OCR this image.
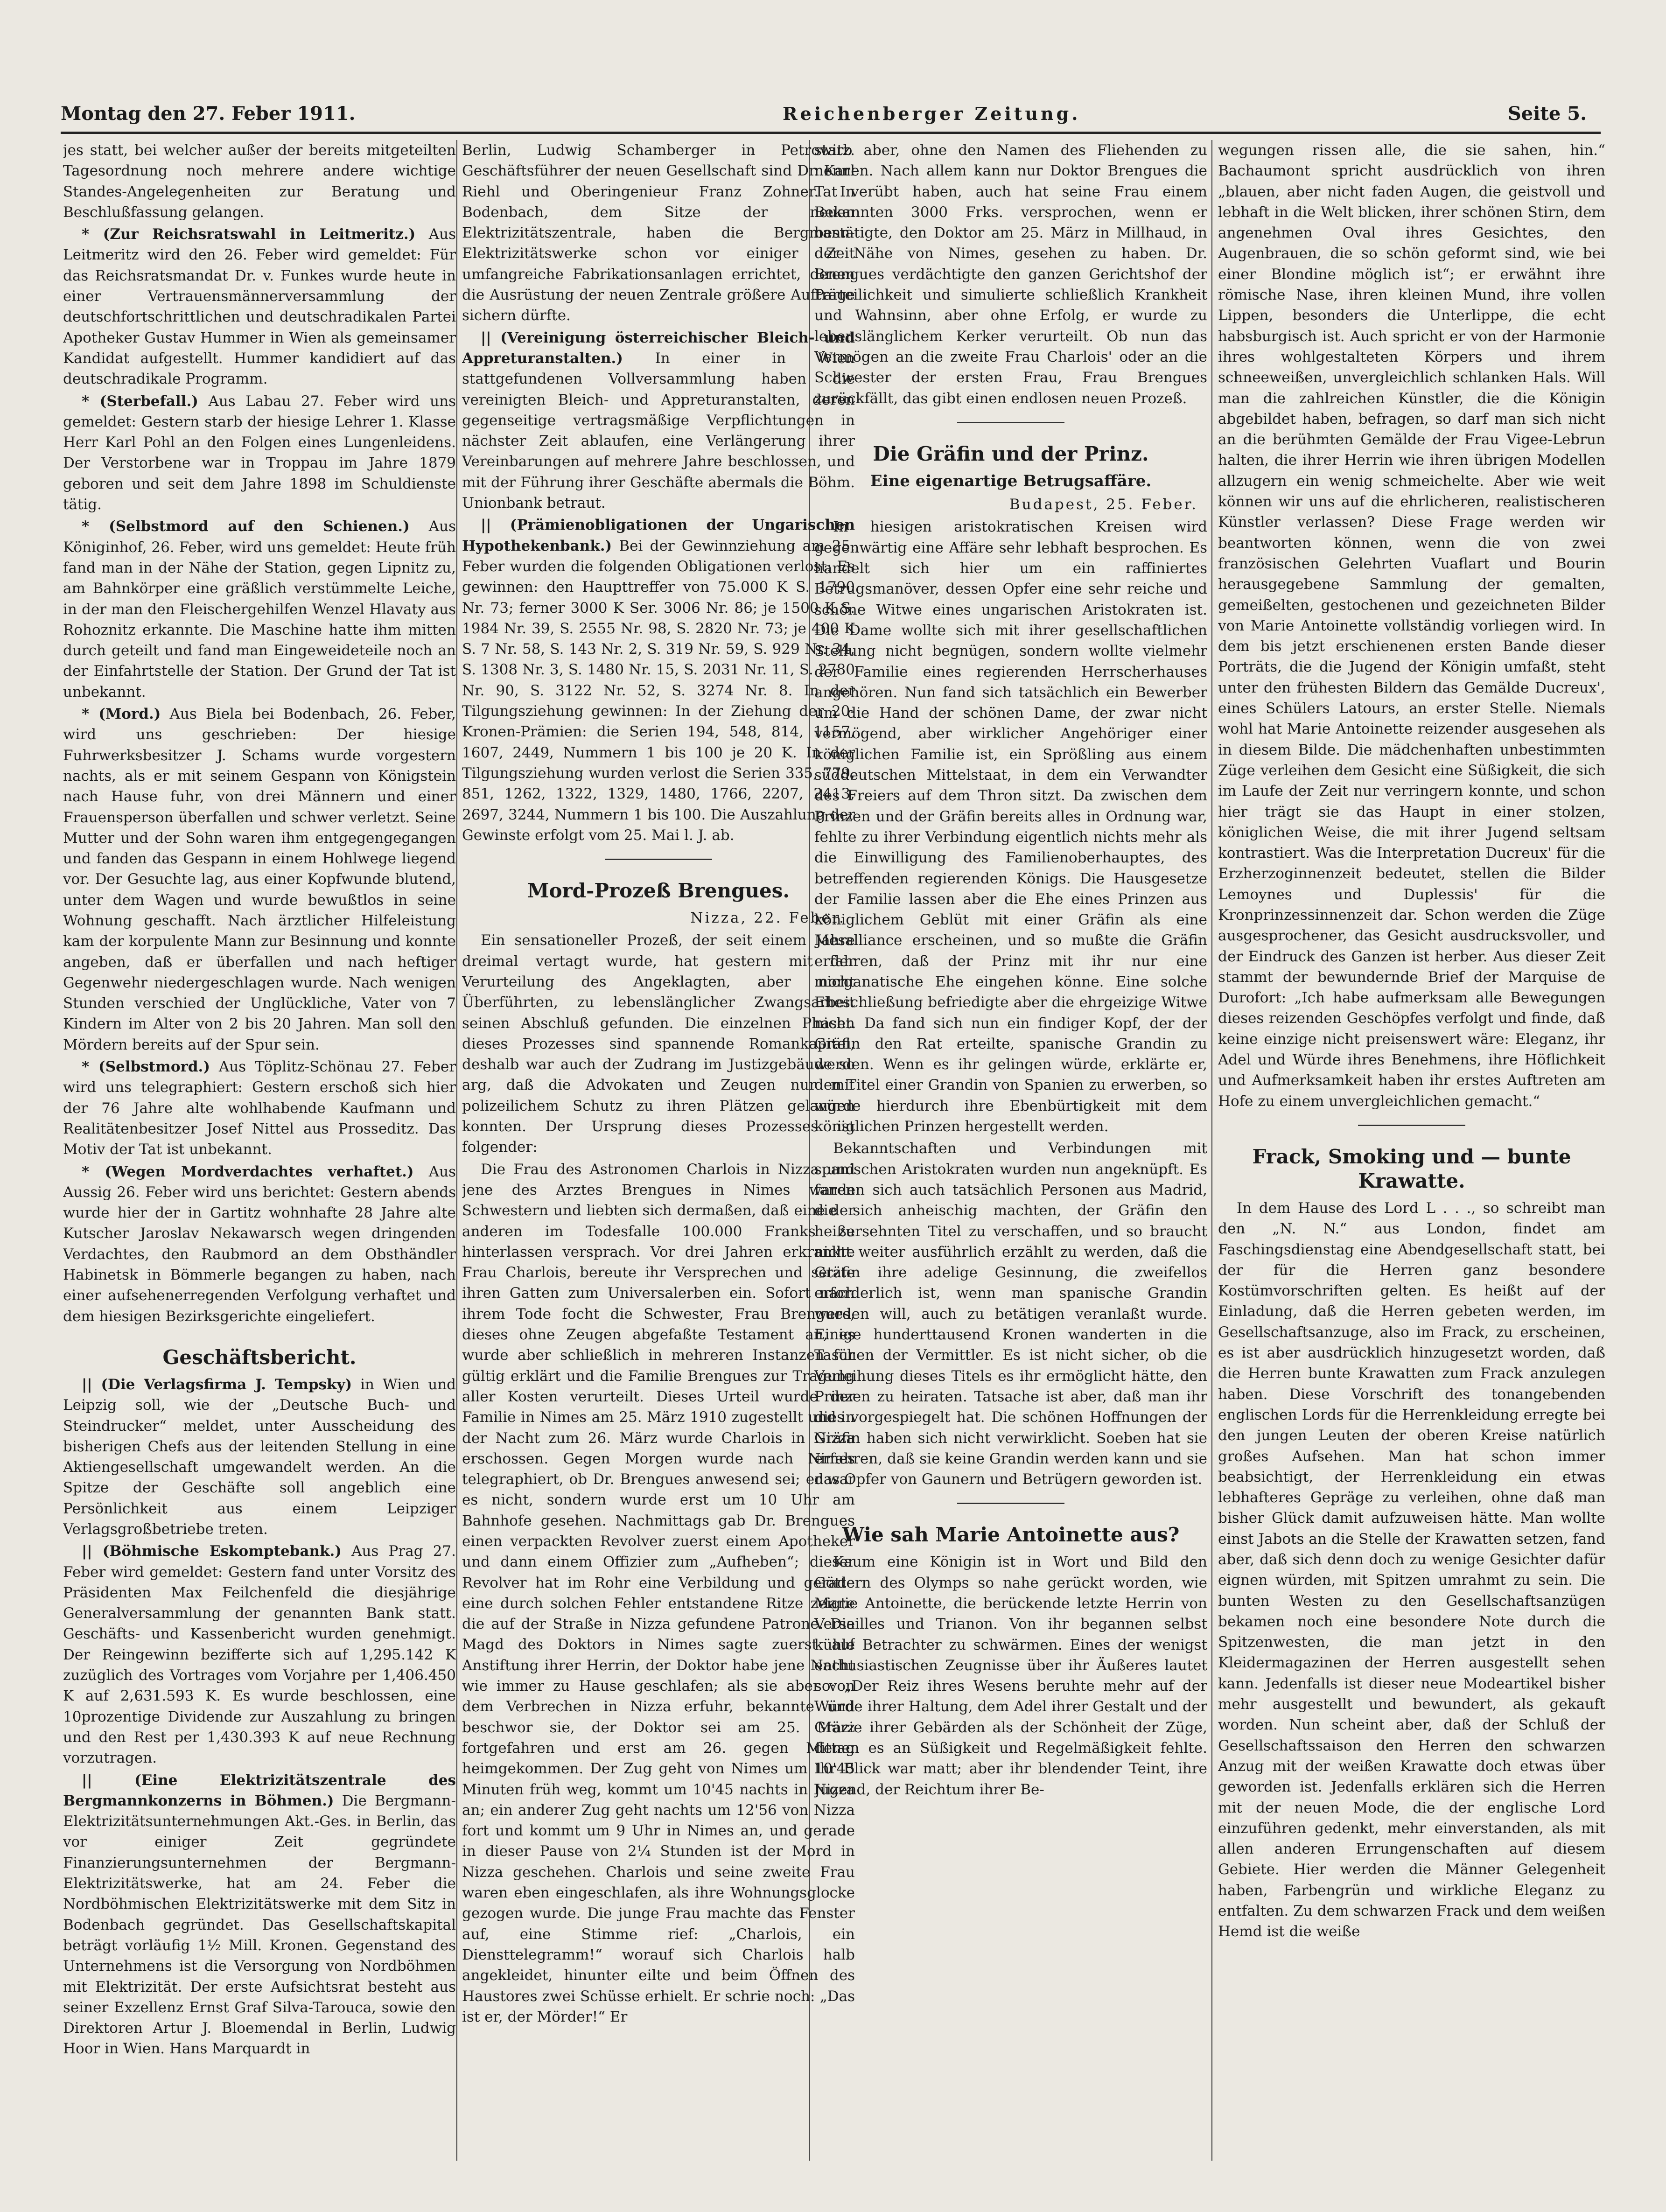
Montag den 27. Feber 1911.	Reichenberger Zeitung.	Seite 5.

jes statt, bei welcher außer der bereits mitgeteilten Tagesordnung noch mehrere andere wichtige Standes-Angelegenheiten zur Beratung und Beschlußfassung gelangen.

* (Zur Reichsratswahl in Leitmeritz.) Aus Leitmeritz wird den 26. Feber wird gemeldet: Für das Reichsratsmandat Dr. v. Funkes wurde heute in einer Vertrauensmännerversammlung der deutschfortschrittlichen und deutschradikalen Partei Apotheker Gustav Hummer in Wien als gemeinsamer Kandidat aufgestellt. Hummer kandidiert auf das deutschradikale Programm.

* (Sterbefall.) Aus Labau 27. Feber wird uns gemeldet: Gestern starb der hiesige Lehrer 1. Klasse Herr Karl Pohl an den Folgen eines Lungenleidens. Der Verstorbene war in Troppau im Jahre 1879 geboren und seit dem Jahre 1898 im Schuldienste tätig.

* (Selbstmord auf den Schienen.) Aus Königinhof, 26. Feber, wird uns gemeldet: Heute früh fand man in der Nähe der Station, gegen Lipnitz zu, am Bahnkörper eine gräßlich verstümmelte Leiche, in der man den Fleischergehilfen Wenzel Hlavaty aus Rohoznitz erkannte. Die Maschine hatte ihm mitten durch geteilt und fand man Eingeweideteile noch an der Einfahrtstelle der Station. Der Grund der Tat ist unbekannt.

* (Mord.) Aus Biela bei Bodenbach, 26. Feber, wird uns geschrieben: Der hiesige Fuhrwerksbesitzer J. Schams wurde vorgestern nachts, als er mit seinem Gespann von Königstein nach Hause fuhr, von drei Männern und einer Frauensperson überfallen und schwer verletzt. Seine Mutter und der Sohn waren ihm entgegengegangen und fanden das Gespann in einem Hohlwege liegend vor. Der Gesuchte lag, aus einer Kopfwunde blutend, unter dem Wagen und wurde bewußtlos in seine Wohnung geschafft. Nach ärztlicher Hilfeleistung kam der korpulente Mann zur Besinnung und konnte angeben, daß er überfallen und nach heftiger Gegenwehr niedergeschlagen wurde. Nach wenigen Stunden verschied der Unglückliche, Vater von 7 Kindern im Alter von 2 bis 20 Jahren. Man soll den Mördern bereits auf der Spur sein.

* (Selbstmord.) Aus Töplitz-Schönau 27. Feber wird uns telegraphiert: Gestern erschoß sich hier der 76 Jahre alte wohlhabende Kaufmann und Realitätenbesitzer Josef Nittel aus Prosseditz. Das Motiv der Tat ist unbekannt.

* (Wegen Mordverdachtes verhaftet.) Aus Aussig 26. Feber wird uns berichtet: Gestern abends wurde hier der in Gartitz wohnhafte 28 Jahre alte Kutscher Jaroslav Nekawarsch wegen dringenden Verdachtes, den Raubmord an dem Obsthändler Habinetsk in Bömmerle begangen zu haben, nach einer aufsehenerregenden Verfolgung verhaftet und dem hiesigen Bezirksgerichte eingeliefert.

Geschäftsbericht.

|| (Die Verlagsfirma J. Tempsky) in Wien und Leipzig soll, wie der „Deutsche Buch- und Steindrucker“ meldet, unter Ausscheidung des bisherigen Chefs aus der leitenden Stellung in eine Aktiengesellschaft umgewandelt werden. An die Spitze der Geschäfte soll angeblich eine Persönlichkeit aus einem Leipziger Verlagsgroßbetriebe treten.

|| (Böhmische Eskomptebank.) Aus Prag 27. Feber wird gemeldet: Gestern fand unter Vorsitz des Präsidenten Max Feilchenfeld die diesjährige Generalversammlung der genannten Bank statt. Geschäfts- und Kassenbericht wurden genehmigt. Der Reingewinn bezifferte sich auf 1,295.142 K zuzüglich des Vortrages vom Vorjahre per 1,406.450 K auf 2,631.593 K. Es wurde beschlossen, eine 10prozentige Dividende zur Auszahlung zu bringen und den Rest per 1,430.393 K auf neue Rechnung vorzutragen.

|| (Eine Elektrizitätszentrale des Bergmannkonzerns in Böhmen.) Die Bergmann-Elektrizitätsunternehmungen Akt.-Ges. in Berlin, das vor einiger Zeit gegründete Finanzierungsunternehmen der Bergmann-Elektrizitätswerke, hat am 24. Feber die Nordböhmischen Elektrizitätswerke mit dem Sitz in Bodenbach gegründet. Das Gesellschaftskapital beträgt vorläufig 1½ Mill. Kronen. Gegenstand des Unternehmens ist die Versorgung von Nordböhmen mit Elektrizität. Der erste Aufsichtsrat besteht aus seiner Exzellenz Ernst Graf Silva-Tarouca, sowie den Direktoren Artur J. Bloemendal in Berlin, Ludwig Hoor in Wien. Hans Marquardt in

Berlin, Ludwig Schamberger in Petrowitz. Geschäftsführer der neuen Gesellschaft sind Dr. Karl Riehl und Oberingenieur Franz Zohner. In Bodenbach, dem Sitze der neuen Elektrizitätszentrale, haben die Bergmann-Elektrizitätswerke schon vor einiger Zeit umfangreiche Fabrikationsanlagen errichtet, denen die Ausrüstung der neuen Zentrale größere Aufträge sichern dürfte.

|| (Vereinigung österreichischer Bleich- und Appreturanstalten.) In einer in Wien stattgefundenen Vollversammlung haben die vereinigten Bleich- und Appreturanstalten, deren gegenseitige vertragsmäßige Verpflichtungen in nächster Zeit ablaufen, eine Verlängerung ihrer Vereinbarungen auf mehrere Jahre beschlossen, und mit der Führung ihrer Geschäfte abermals die Böhm. Unionbank betraut.

|| (Prämienobligationen der Ungarischen Hypothekenbank.) Bei der Gewinnziehung am 25. Feber wurden die folgenden Obligationen verlost: Es gewinnen: den Haupttreffer von 75.000 K S. 1790 Nr. 73; ferner 3000 K Ser. 3006 Nr. 86; je 1500 K S. 1984 Nr. 39, S. 2555 Nr. 98, S. 2820 Nr. 73; je 400 K S. 7 Nr. 58, S. 143 Nr. 2, S. 319 Nr. 59, S. 929 Nr. 34, S. 1308 Nr. 3, S. 1480 Nr. 15, S. 2031 Nr. 11, S. 2780 Nr. 90, S. 3122 Nr. 52, S. 3274 Nr. 8. In der Tilgungsziehung gewinnen: In der Ziehung der 20-Kronen-Prämien: die Serien 194, 548, 814, 1157, 1607, 2449, Nummern 1 bis 100 je 20 K. In der Tilgungsziehung wurden verlost die Serien 335, 779, 851, 1262, 1322, 1329, 1480, 1766, 2207, 2413, 2697, 3244, Nummern 1 bis 100. Die Auszahlung der Gewinste erfolgt vom 25. Mai l. J. ab.

Mord-Prozeß Brengues.
Nizza, 22. Feber.

Ein sensationeller Prozeß, der seit einem Jahre dreimal vertagt wurde, hat gestern mit der Verurteilung des Angeklagten, aber nicht Überführten, zu lebenslänglicher Zwangsarbeit seinen Abschluß gefunden. Die einzelnen Phasen dieses Prozesses sind spannende Romankapitel, deshalb war auch der Zudrang im Justizgebäude so arg, daß die Advokaten und Zeugen nur mit polizeilichem Schutz zu ihren Plätzen gelangen konnten. Der Ursprung dieses Prozesses ist folgender:

Die Frau des Astronomen Charlois in Nizza und jene des Arztes Brengues in Nimes waren Schwestern und liebten sich dermaßen, daß eine der anderen im Todesfalle 100.000 Franks zu hinterlassen versprach. Vor drei Jahren erkrankte Frau Charlois, bereute ihr Versprechen und setzte ihren Gatten zum Universalerben ein. Sofort nach ihrem Tode focht die Schwester, Frau Brengues, dieses ohne Zeugen abgefaßte Testament an, es wurde aber schließlich in mehreren Instanzen für gültig erklärt und die Familie Brengues zur Tragung aller Kosten verurteilt. Dieses Urteil wurde der Familie in Nimes am 25. März 1910 zugestellt und in der Nacht zum 26. März wurde Charlois in Nizza erschossen. Gegen Morgen wurde nach Nimes telegraphiert, ob Dr. Brengues anwesend sei; er war es nicht, sondern wurde erst um 10 Uhr am Bahnhofe gesehen. Nachmittags gab Dr. Brengues einen verpackten Revolver zuerst einem Apotheker und dann einem Offizier zum „Aufheben“; dieser Revolver hat im Rohr eine Verbildung und gerade eine durch solchen Fehler entstandene Ritze zeigte die auf der Straße in Nizza gefundene Patrone. Die Magd des Doktors in Nimes sagte zuerst auf Anstiftung ihrer Herrin, der Doktor habe jene Nacht wie immer zu Hause geschlafen; als sie aber von dem Verbrechen in Nizza erfuhr, bekannte und beschwor sie, der Doktor sei am 25. März fortgefahren und erst am 26. gegen Mittag heimgekommen. Der Zug geht von Nimes um 10'45 Minuten früh weg, kommt um 10'45 nachts in Nizza an; ein anderer Zug geht nachts um 12'56 von Nizza fort und kommt um 9 Uhr in Nimes an, und gerade in dieser Pause von 2¼ Stunden ist der Mord in Nizza geschehen. Charlois und seine zweite Frau waren eben eingeschlafen, als ihre Wohnungsglocke gezogen wurde. Die junge Frau machte das Fenster auf, eine Stimme rief: „Charlois, ein Diensttelegramm!“ worauf sich Charlois halb angekleidet, hinunter eilte und beim Öffnen des Haustores zwei Schüsse erhielt. Er schrie noch: „Das ist er, der Mörder!“ Er

starb aber, ohne den Namen des Fliehenden zu nennen. Nach allem kann nur Doktor Brengues die Tat verübt haben, auch hat seine Frau einem Bekannten 3000 Frks. versprochen, wenn er bestätigte, den Doktor am 25. März in Millhaud, in der Nähe von Nimes, gesehen zu haben. Dr. Brengues verdächtigte den ganzen Gerichtshof der Parteilichkeit und simulierte schließlich Krankheit und Wahnsinn, aber ohne Erfolg, er wurde zu lebenslänglichem Kerker verurteilt. Ob nun das Vermögen an die zweite Frau Charlois' oder an die Schwester der ersten Frau, Frau Brengues zurückfällt, das gibt einen endlosen neuen Prozeß.

Die Gräfin und der Prinz.
Eine eigenartige Betrugsaffäre.
Budapest, 25. Feber.

In hiesigen aristokratischen Kreisen wird gegenwärtig eine Affäre sehr lebhaft besprochen. Es handelt sich hier um ein raffiniertes Betrugsmanöver, dessen Opfer eine sehr reiche und schöne Witwe eines ungarischen Aristokraten ist. Die Dame wollte sich mit ihrer gesellschaftlichen Stellung nicht begnügen, sondern wollte vielmehr der Familie eines regierenden Herrscherhauses angehören. Nun fand sich tatsächlich ein Bewerber um die Hand der schönen Dame, der zwar nicht vermögend, aber wirklicher Angehöriger einer königlichen Familie ist, ein Sprößling aus einem süddeutschen Mittelstaat, in dem ein Verwandter des Freiers auf dem Thron sitzt. Da zwischen dem Prinzen und der Gräfin bereits alles in Ordnung war, fehlte zu ihrer Verbindung eigentlich nichts mehr als die Einwilligung des Familienoberhauptes, des betreffenden regierenden Königs. Die Hausgesetze der Familie lassen aber die Ehe eines Prinzen aus königlichem Geblüt mit einer Gräfin als eine Mesalliance erscheinen, und so mußte die Gräfin erfahren, daß der Prinz mit ihr nur eine morganatische Ehe eingehen könne. Eine solche Eheschließung befriedigte aber die ehrgeizige Witwe nicht. Da fand sich nun ein findiger Kopf, der der Gräfin den Rat erteilte, spanische Grandin zu werden. Wenn es ihr gelingen würde, erklärte er, den Titel einer Grandin von Spanien zu erwerben, so würde hierdurch ihre Ebenbürtigkeit mit dem königlichen Prinzen hergestellt werden.

Bekanntschaften und Verbindungen mit spanischen Aristokraten wurden nun angeknüpft. Es fanden sich auch tatsächlich Personen aus Madrid, die sich anheischig machten, der Gräfin den heißersehnten Titel zu verschaffen, und so braucht nicht weiter ausführlich erzählt zu werden, daß die Gräfin ihre adelige Gesinnung, die zweifellos erforderlich ist, wenn man spanische Grandin werden will, auch zu betätigen veranlaßt wurde. Einige hunderttausend Kronen wanderten in die Taschen der Vermittler. Es ist nicht sicher, ob die Verleihung dieses Titels es ihr ermöglicht hätte, den Prinzen zu heiraten. Tatsache ist aber, daß man ihr dies vorgespiegelt hat. Die schönen Hoffnungen der Gräfin haben sich nicht verwirklicht. Soeben hat sie erfahren, daß sie keine Grandin werden kann und sie das Opfer von Gaunern und Betrügern geworden ist.

Wie sah Marie Antoinette aus?

Kaum eine Königin ist in Wort und Bild den Göttern des Olymps so nahe gerückt worden, wie Marie Antoinette, die berückende letzte Herrin von Versailles und Trianon. Von ihr begannen selbst kühle Betrachter zu schwärmen. Eines der wenigst enthusiastischen Zeugnisse über ihr Äußeres lautet so: „Der Reiz ihres Wesens beruhte mehr auf der Würde ihrer Haltung, dem Adel ihrer Gestalt und der Grazie ihrer Gebärden als der Schönheit der Züge, denen es an Süßigkeit und Regelmäßigkeit fehlte. Ihr Blick war matt; aber ihr blendender Teint, ihre Jugend, der Reichtum ihrer Be-

wegungen rissen alle, die sie sahen, hin.“ Bachaumont spricht ausdrücklich von ihren „blauen, aber nicht faden Augen, die geistvoll und lebhaft in die Welt blicken, ihrer schönen Stirn, dem angenehmen Oval ihres Gesichtes, den Augenbrauen, die so schön geformt sind, wie bei einer Blondine möglich ist“; er erwähnt ihre römische Nase, ihren kleinen Mund, ihre vollen Lippen, besonders die Unterlippe, die echt habsburgisch ist. Auch spricht er von der Harmonie ihres wohlgestalteten Körpers und ihrem schneeweißen, unvergleichlich schlanken Hals. Will man die zahlreichen Künstler, die die Königin abgebildet haben, befragen, so darf man sich nicht an die berühmten Gemälde der Frau Vigee-Lebrun halten, die ihrer Herrin wie ihren übrigen Modellen allzugern ein wenig schmeichelte. Aber wie weit können wir uns auf die ehrlicheren, realistischeren Künstler verlassen? Diese Frage werden wir beantworten können, wenn die von zwei französischen Gelehrten Vuaflart und Bourin herausgegebene Sammlung der gemalten, gemeißelten, gestochenen und gezeichneten Bilder von Marie Antoinette vollständig vorliegen wird. In dem bis jetzt erschienenen ersten Bande dieser Porträts, die die Jugend der Königin umfaßt, steht unter den frühesten Bildern das Gemälde Ducreux', eines Schülers Latours, an erster Stelle. Niemals wohl hat Marie Antoinette reizender ausgesehen als in diesem Bilde. Die mädchenhaften unbestimmten Züge verleihen dem Gesicht eine Süßigkeit, die sich im Laufe der Zeit nur verringern konnte, und schon hier trägt sie das Haupt in einer stolzen, königlichen Weise, die mit ihrer Jugend seltsam kontrastiert. Was die Interpretation Ducreux' für die Erzherzoginnenzeit bedeutet, stellen die Bilder Lemoynes und Duplessis' für die Kronprinzessinnenzeit dar. Schon werden die Züge ausgesprochener, das Gesicht ausdrucksvoller, und der Eindruck des Ganzen ist herber. Aus dieser Zeit stammt der bewundernde Brief der Marquise de Durofort: „Ich habe aufmerksam alle Bewegungen dieses reizenden Geschöpfes verfolgt und finde, daß keine einzige nicht preisenswert wäre: Eleganz, ihr Adel und Würde ihres Benehmens, ihre Höflichkeit und Aufmerksamkeit haben ihr erstes Auftreten am Hofe zu einem unvergleichlichen gemacht.“

Frack, Smoking und — bunte Krawatte.

In dem Hause des Lord L . . ., so schreibt man den „N. N.“ aus London, findet am Faschingsdienstag eine Abendgesellschaft statt, bei der für die Herren ganz besondere Kostümvorschriften gelten. Es heißt auf der Einladung, daß die Herren gebeten werden, im Gesellschaftsanzuge, also im Frack, zu erscheinen, es ist aber ausdrücklich hinzugesetzt worden, daß die Herren bunte Krawatten zum Frack anzulegen haben. Diese Vorschrift des tonangebenden englischen Lords für die Herrenkleidung erregte bei den jungen Leuten der oberen Kreise natürlich großes Aufsehen. Man hat schon immer beabsichtigt, der Herrenkleidung ein etwas lebhafteres Gepräge zu verleihen, ohne daß man bisher Glück damit aufzuweisen hätte. Man wollte einst Jabots an die Stelle der Krawatten setzen, fand aber, daß sich denn doch zu wenige Gesichter dafür eignen würden, mit Spitzen umrahmt zu sein. Die bunten Westen zu den Gesellschaftsanzügen bekamen noch eine besondere Note durch die Spitzenwesten, die man jetzt in den Kleidermagazinen der Herren ausgestellt sehen kann. Jedenfalls ist dieser neue Modeartikel bisher mehr ausgestellt und bewundert, als gekauft worden. Nun scheint aber, daß der Schluß der Gesellschaftssaison den Herren den schwarzen Anzug mit der weißen Krawatte doch etwas über geworden ist. Jedenfalls erklären sich die Herren mit der neuen Mode, die der englische Lord einzuführen gedenkt, mehr einverstanden, als mit allen anderen Errungenschaften auf diesem Gebiete. Hier werden die Männer Gelegenheit haben, Farbengrün und wirkliche Eleganz zu entfalten. Zu dem schwarzen Frack und dem weißen Hemd ist die weiße
